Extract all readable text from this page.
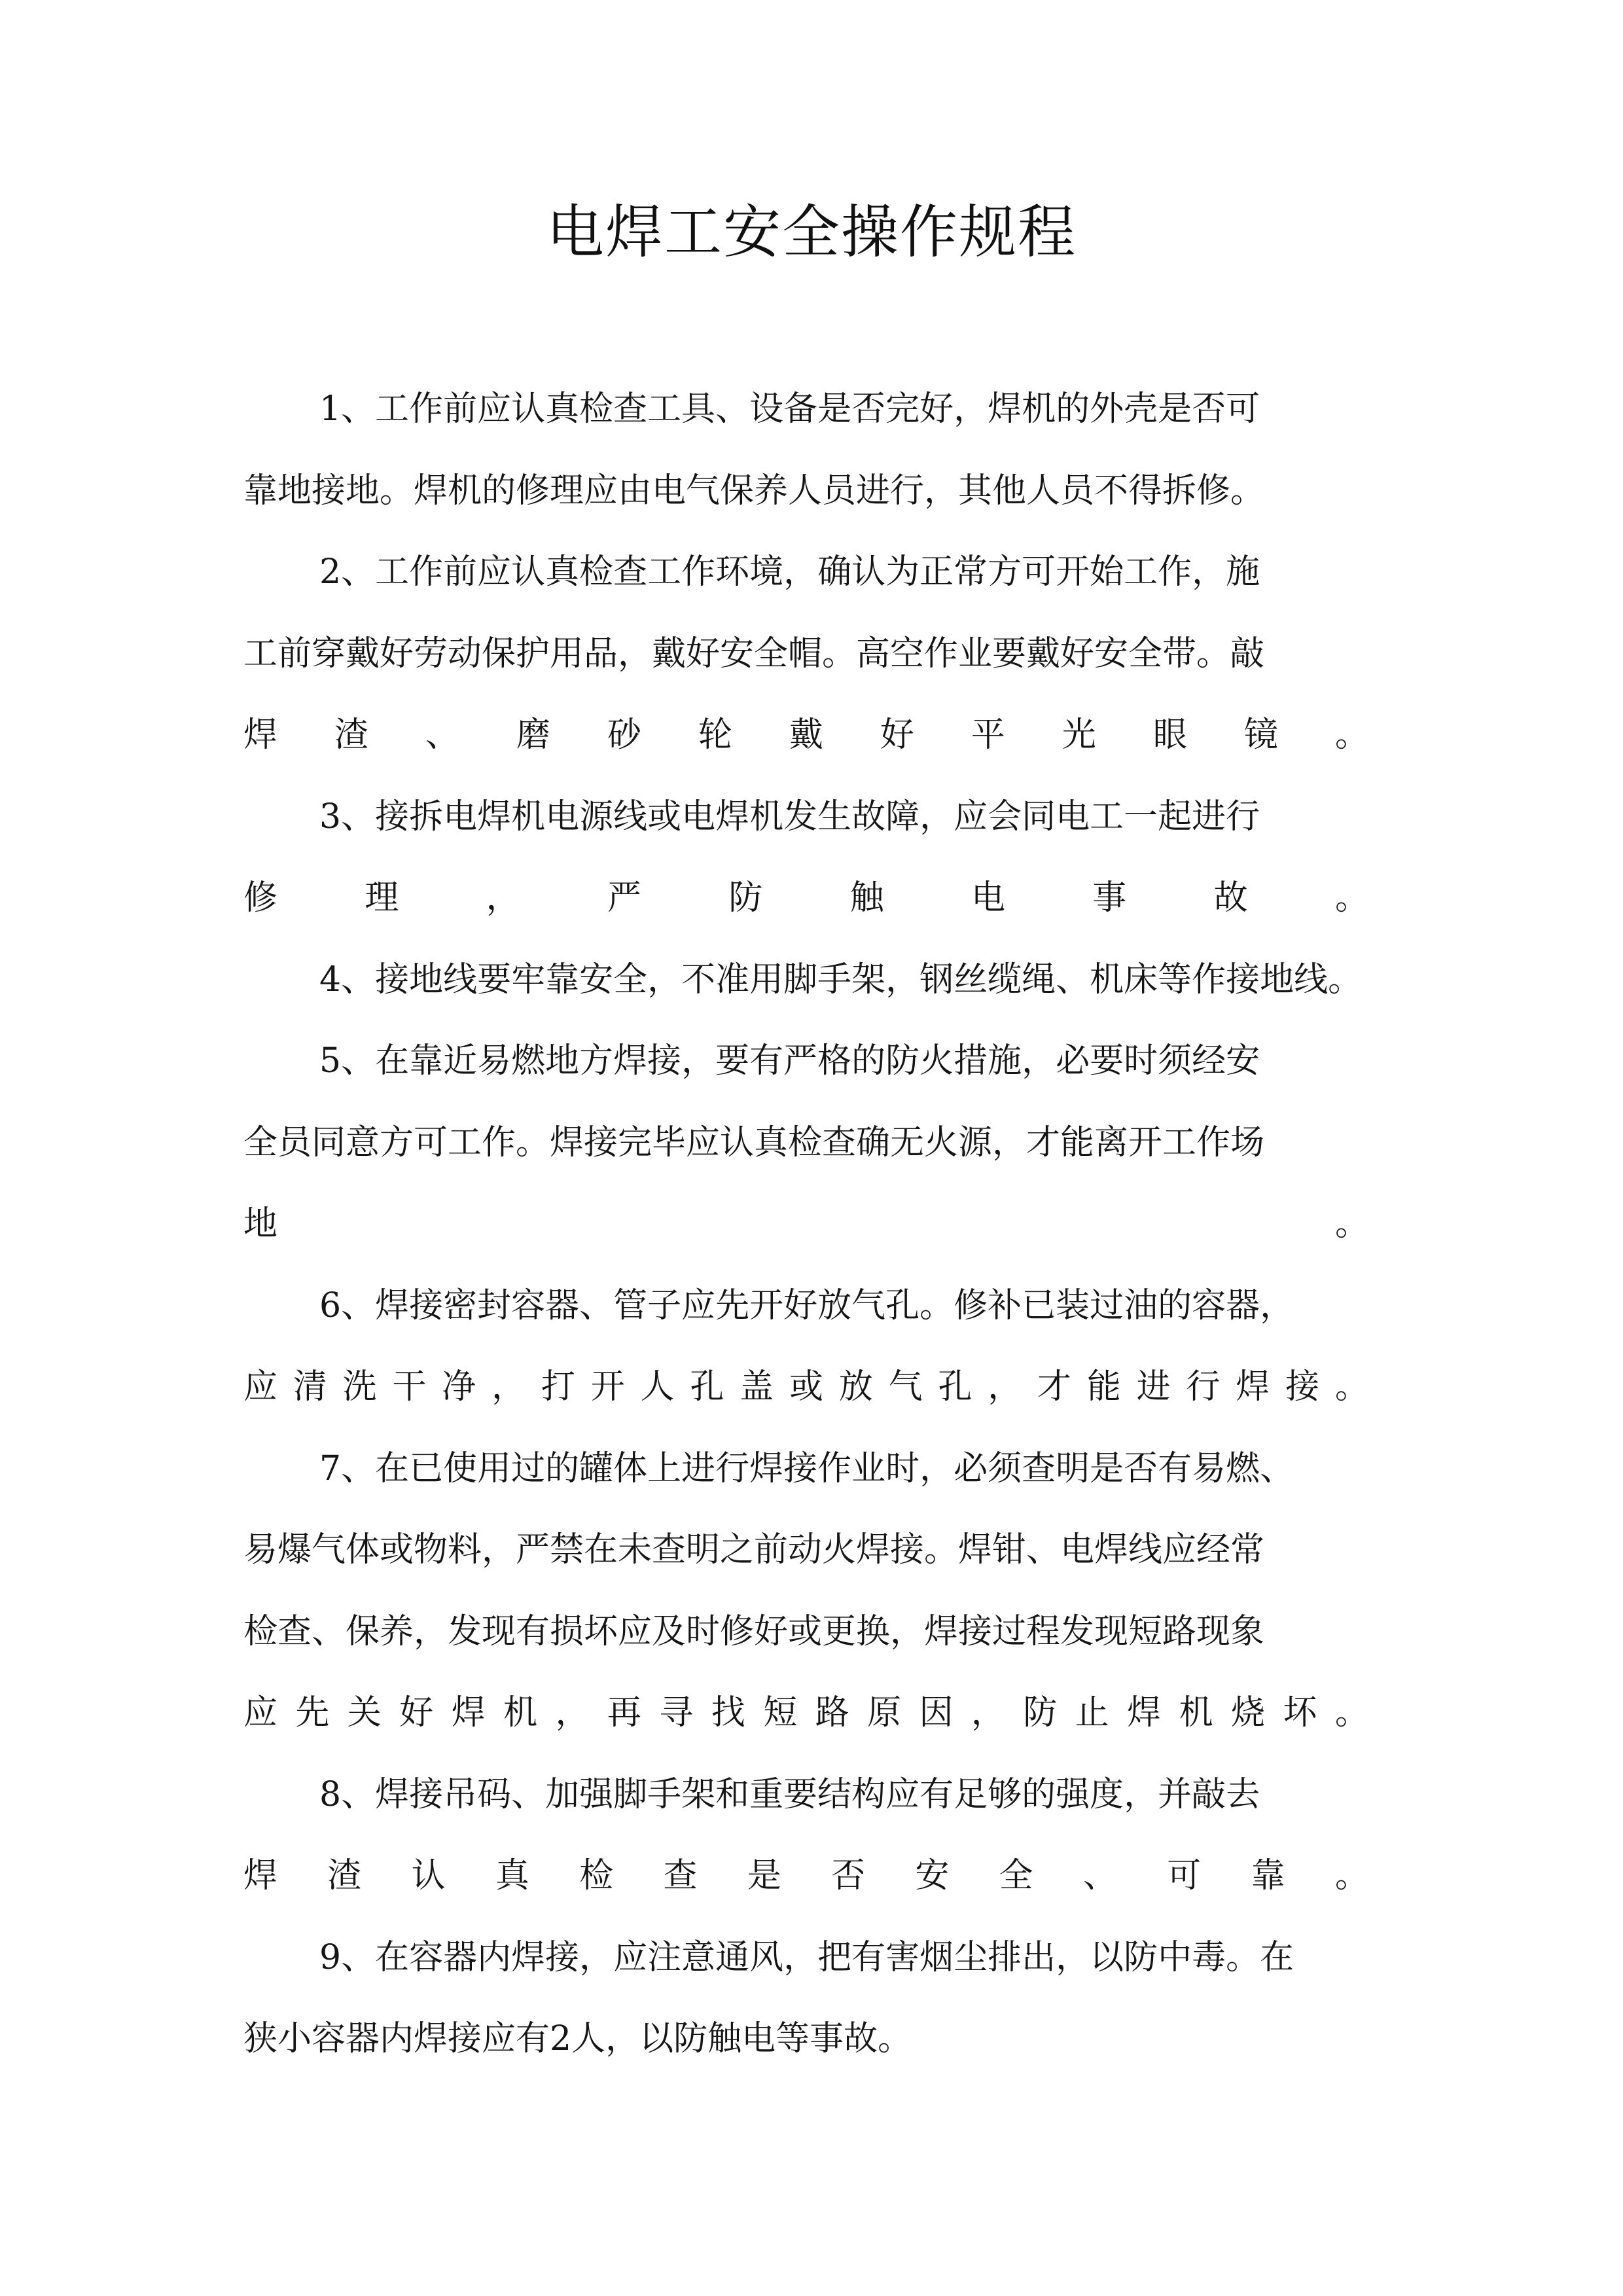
电焊工安全操作规程
1、工作前应认真检查工具、设备是否完好，焊机的外壳是否可
靠地接地。焊机的修理应由电气保养人员进行，其他人员不得拆修。
2、工作前应认真检查工作环境，确认为正常方可开始工作，施
工前穿戴好劳动保护用品，戴好安全帽。高空作业要戴好安全带。敲
焊 渣 、 磨 砂 轮 戴 好 平 光 眼 镜 。
3、接拆电焊机电源线或电焊机发生故障，应会同电工一起进行
修	理	，	严	防	触	电	事	故	。
4、接地线要牢靠安全，不准用脚手架，钢丝缆绳、机床等作接地线。
5、在靠近易燃地方焊接，要有严格的防火措施，必要时须经安
全员同意方可工作。焊接完毕应认真检查确无火源，才能离开工作场
地	。
6、焊接密封容器、管子应先开好放气孔。修补已装过油的容器，
应 清 洗 干 净 ， 打 开 人 孔 盖 或 放 气 孔 ， 才 能 进 行 焊 接 。
7、在已使用过的罐体上进行焊接作业时，必须查明是否有易燃、
易爆气体或物料，严禁在未查明之前动火焊接。焊钳、电焊线应经常
检查、保养，发现有损坏应及时修好或更换，焊接过程发现短路现象
应 先 关 好 焊 机 ， 再 寻 找 短 路 原 因 ， 防 止 焊 机 烧 坏 。
8、焊接吊码、加强脚手架和重要结构应有足够的强度，并敲去
焊 渣 认 真 检 查 是 否 安 全 、 可 靠 。
9、在容器内焊接，应注意通风，把有害烟尘排出，以防中毒。在
狭小容器内焊接应有2人，以防触电等事故。
